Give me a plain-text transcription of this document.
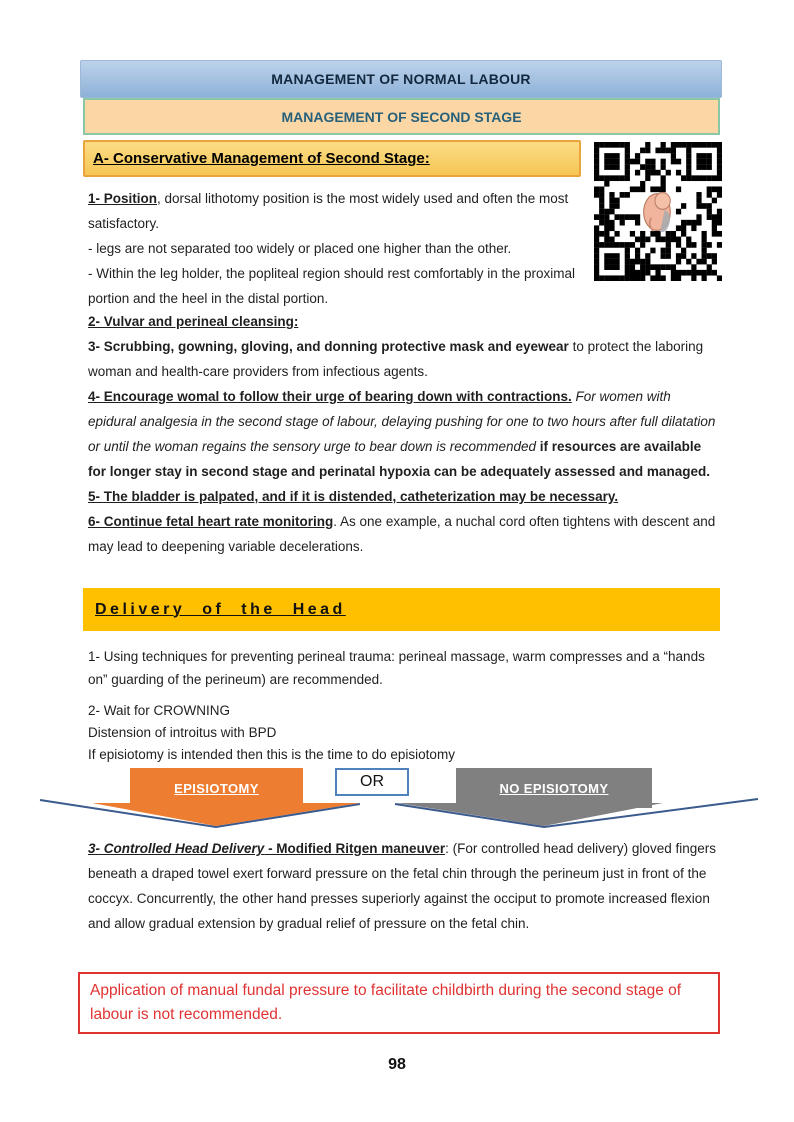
MANAGEMENT OF NORMAL LABOUR
MANAGEMENT OF SECOND STAGE
A- Conservative Management of Second Stage:

1- Position, dorsal lithotomy position is the most widely used and often the most satisfactory.

- legs are not separated too widely or placed one higher than the other.

- Within the leg holder, the popliteal region should rest comfortably in the proximal portion and the heel in the distal portion.

2- Vulvar and perineal cleansing:

3- Scrubbing, gowning, gloving, and donning protective mask and eyewear to protect the laboring woman and health-care providers from infectious agents.

4- Encourage womal to follow their urge of bearing down with contractions. For women with epidural analgesia in the second stage of labour, delaying pushing for one to two hours after full dilatation or until the woman regains the sensory urge to bear down is recommended if resources are available for longer stay in second stage and perinatal hypoxia can be adequately assessed and managed.

5- The bladder is palpated, and if it is distended, catheterization may be necessary.

6- Continue fetal heart rate monitoring. As one example, a nuchal cord often tightens with descent and may lead to deepening variable decelerations.

Delivery of the Head

1- Using techniques for preventing perineal trauma: perineal massage, warm compresses and a “hands on” guarding of the perineum) are recommended.

2- Wait for CROWNING

Distension of introitus with BPD

If episiotomy is intended then this is the time to do episiotomy

EPISIOTOMY	OR	NO EPISIOTOMY

3- Controlled Head Delivery - Modified Ritgen maneuver: (For controlled head delivery) gloved fingers beneath a draped towel exert forward pressure on the fetal chin through the perineum just in front of the coccyx. Concurrently, the other hand presses superiorly against the occiput to promote increased flexion and allow gradual extension by gradual relief of pressure on the fetal chin.

Application of manual fundal pressure to facilitate childbirth during the second stage of labour is not recommended.

98
